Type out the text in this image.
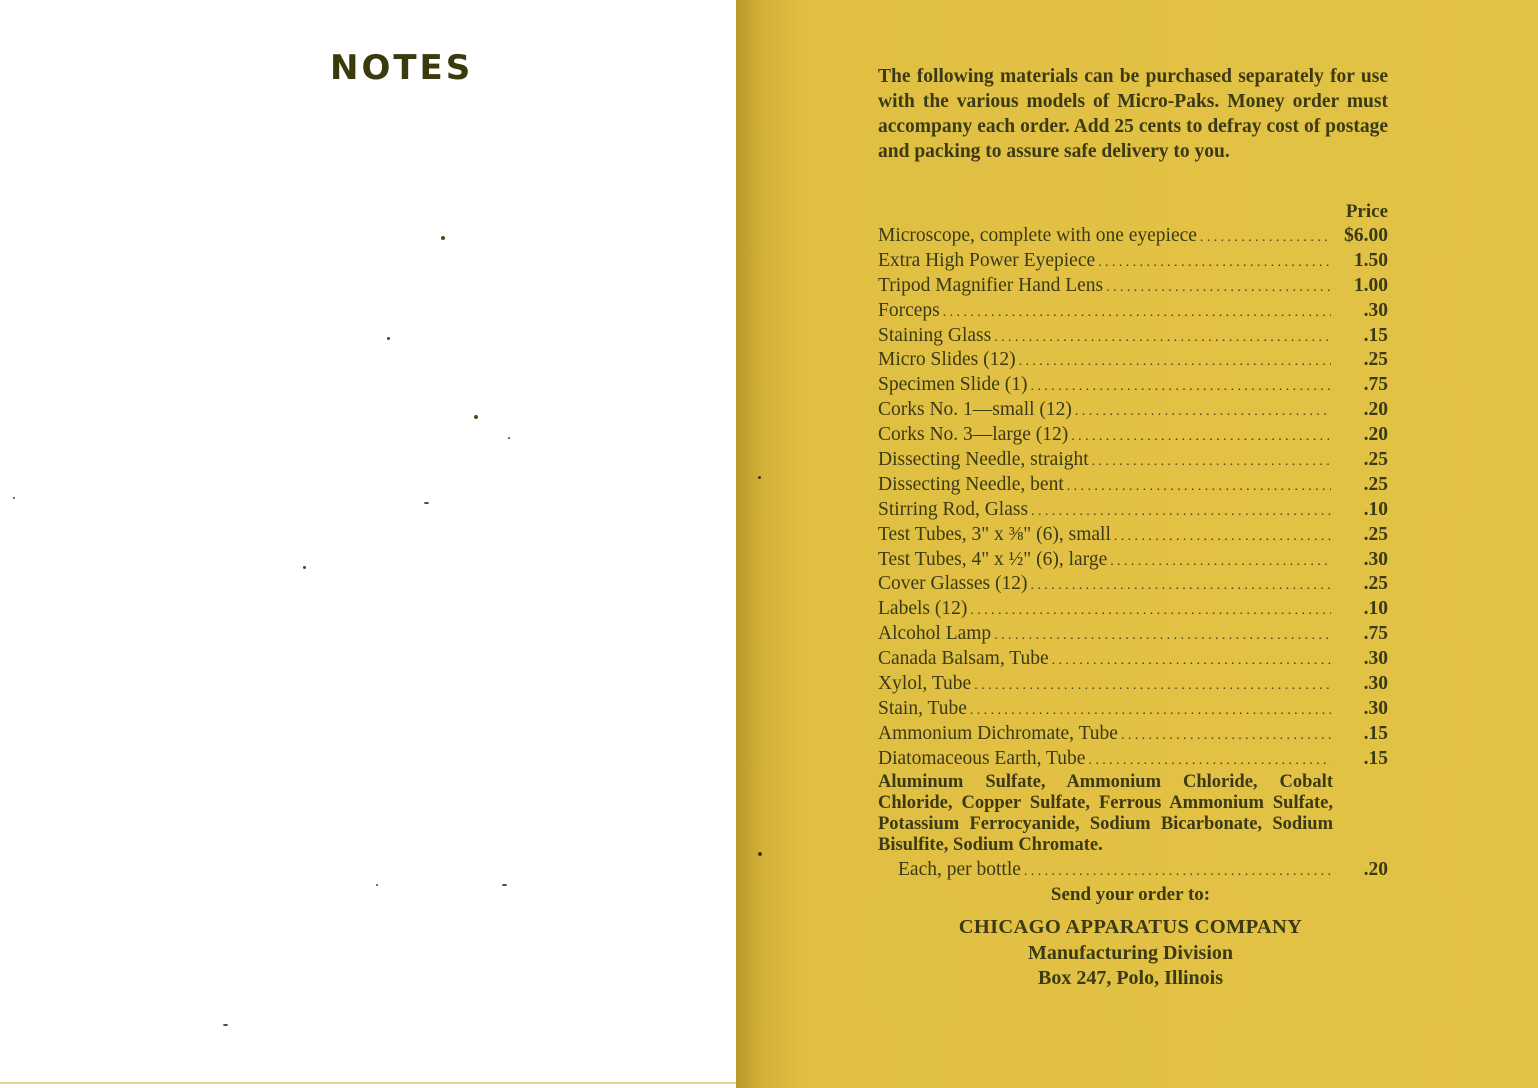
NOTES	The following materials can be purchased separately for use with the various models of Micro-Paks. Money order must accompany each order. Add 25 cents to defray cost of postage and packing to assure safe delivery to you.
Price
Microscope, complete with one eyepiece .....	$6.00
Extra High Power Eyepiece .....	1.50
Tripod Magnifier Hand Lens .....	1.00
Forceps .....	.30
Staining Glass .....	.15
Micro Slides (12) .....	.25
Specimen Slide (1) .....	.75
Corks No. 1—small (12) .....	.20
Corks No. 3—large (12) .....	.20
Dissecting Needle, straight .....	.25
Dissecting Needle, bent .....	.25
Stirring Rod, Glass .....	.10
Test Tubes, 3" x ⅜" (6), small .....	.25
Test Tubes, 4" x ½" (6), large .....	.30
Cover Glasses (12) .....	.25
Labels (12) .....	.10
Alcohol Lamp .....	.75
Canada Balsam, Tube .....	.30
Xylol, Tube .....	.30
Stain, Tube .....	.30
Ammonium Dichromate, Tube .....	.15
Diatomaceous Earth, Tube .....	.15
Aluminum Sulfate, Ammonium Chloride, Cobalt Chloride, Copper Sulfate, Ferrous Ammonium Sulfate, Potassium Ferrocyanide, Sodium Bicarbonate, Sodium Bisulfite, Sodium Chromate.
Each, per bottle .....	.20
Send your order to:
CHICAGO APPARATUS COMPANY
Manufacturing Division
Box 247, Polo, Illinois
